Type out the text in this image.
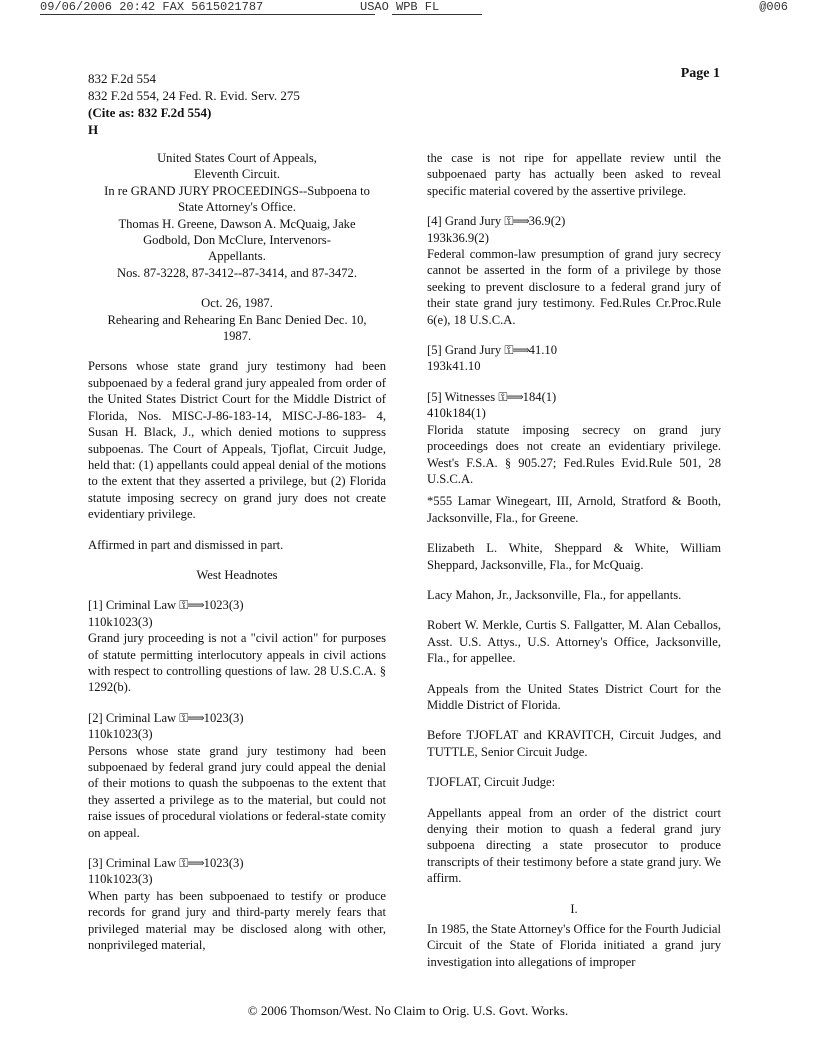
09/06/2006 20:42 FAX 5615021787	USAO WPB FL	@006
832 F.2d 554
832 F.2d 554, 24 Fed. R. Evid. Serv. 275
(Cite as: 832 F.2d 554)
H
Page 1
United States Court of Appeals,
Eleventh Circuit.
In re GRAND JURY PROCEEDINGS--Subpoena to
State Attorney's Office.
Thomas H. Greene, Dawson A. McQuaig, Jake
Godbold, Don McClure, Intervenors-
Appellants.
Nos. 87-3228, 87-3412--87-3414, and 87-3472.
Oct. 26, 1987.
Rehearing and Rehearing En Banc Denied Dec. 10,
1987.
Persons whose state grand jury testimony had been subpoenaed by a federal grand jury appealed from order of the United States District Court for the Middle District of Florida, Nos. MISC-J-86-183-14, MISC-J-86-183- 4, Susan H. Black, J., which denied motions to suppress subpoenas. The Court of Appeals, Tjoflat, Circuit Judge, held that: (1) appellants could appeal denial of the motions to the extent that they asserted a privilege, but (2) Florida statute imposing secrecy on grand jury does not create evidentiary privilege.
Affirmed in part and dismissed in part.
West Headnotes
[1] Criminal Law ⚿⟹1023(3)
110k1023(3)
Grand jury proceeding is not a "civil action" for purposes of statute permitting interlocutory appeals in civil actions with respect to controlling questions of law. 28 U.S.C.A. § 1292(b).
[2] Criminal Law ⚿⟹1023(3)
110k1023(3)
Persons whose state grand jury testimony had been subpoenaed by federal grand jury could appeal the denial of their motions to quash the subpoenas to the extent that they asserted a privilege as to the material, but could not raise issues of procedural violations or federal-state comity on appeal.
[3] Criminal Law ⚿⟹1023(3)
110k1023(3)
When party has been subpoenaed to testify or produce records for grand jury and third-party merely fears that privileged material may be disclosed along with other, nonprivileged material,
the case is not ripe for appellate review until the subpoenaed party has actually been asked to reveal specific material covered by the assertive privilege.
[4] Grand Jury ⚿⟹36.9(2)
193k36.9(2)
Federal common-law presumption of grand jury secrecy cannot be asserted in the form of a privilege by those seeking to prevent disclosure to a federal grand jury of their state grand jury testimony. Fed.Rules Cr.Proc.Rule 6(e), 18 U.S.C.A.
[5] Grand Jury ⚿⟹41.10
193k41.10
[5] Witnesses ⚿⟹184(1)
410k184(1)
Florida statute imposing secrecy on grand jury proceedings does not create an evidentiary privilege. West's F.S.A. § 905.27; Fed.Rules Evid.Rule 501, 28 U.S.C.A.
*555 Lamar Winegeart, III, Arnold, Stratford & Booth, Jacksonville, Fla., for Greene.
Elizabeth L. White, Sheppard & White, William Sheppard, Jacksonville, Fla., for McQuaig.
Lacy Mahon, Jr., Jacksonville, Fla., for appellants.
Robert W. Merkle, Curtis S. Fallgatter, M. Alan Ceballos, Asst. U.S. Attys., U.S. Attorney's Office, Jacksonville, Fla., for appellee.
Appeals from the United States District Court for the Middle District of Florida.
Before TJOFLAT and KRAVITCH, Circuit Judges, and TUTTLE, Senior Circuit Judge.
TJOFLAT, Circuit Judge:
Appellants appeal from an order of the district court denying their motion to quash a federal grand jury subpoena directing a state prosecutor to produce transcripts of their testimony before a state grand jury. We affirm.
I.
In 1985, the State Attorney's Office for the Fourth Judicial Circuit of the State of Florida initiated a grand jury investigation into allegations of improper
© 2006 Thomson/West. No Claim to Orig. U.S. Govt. Works.
